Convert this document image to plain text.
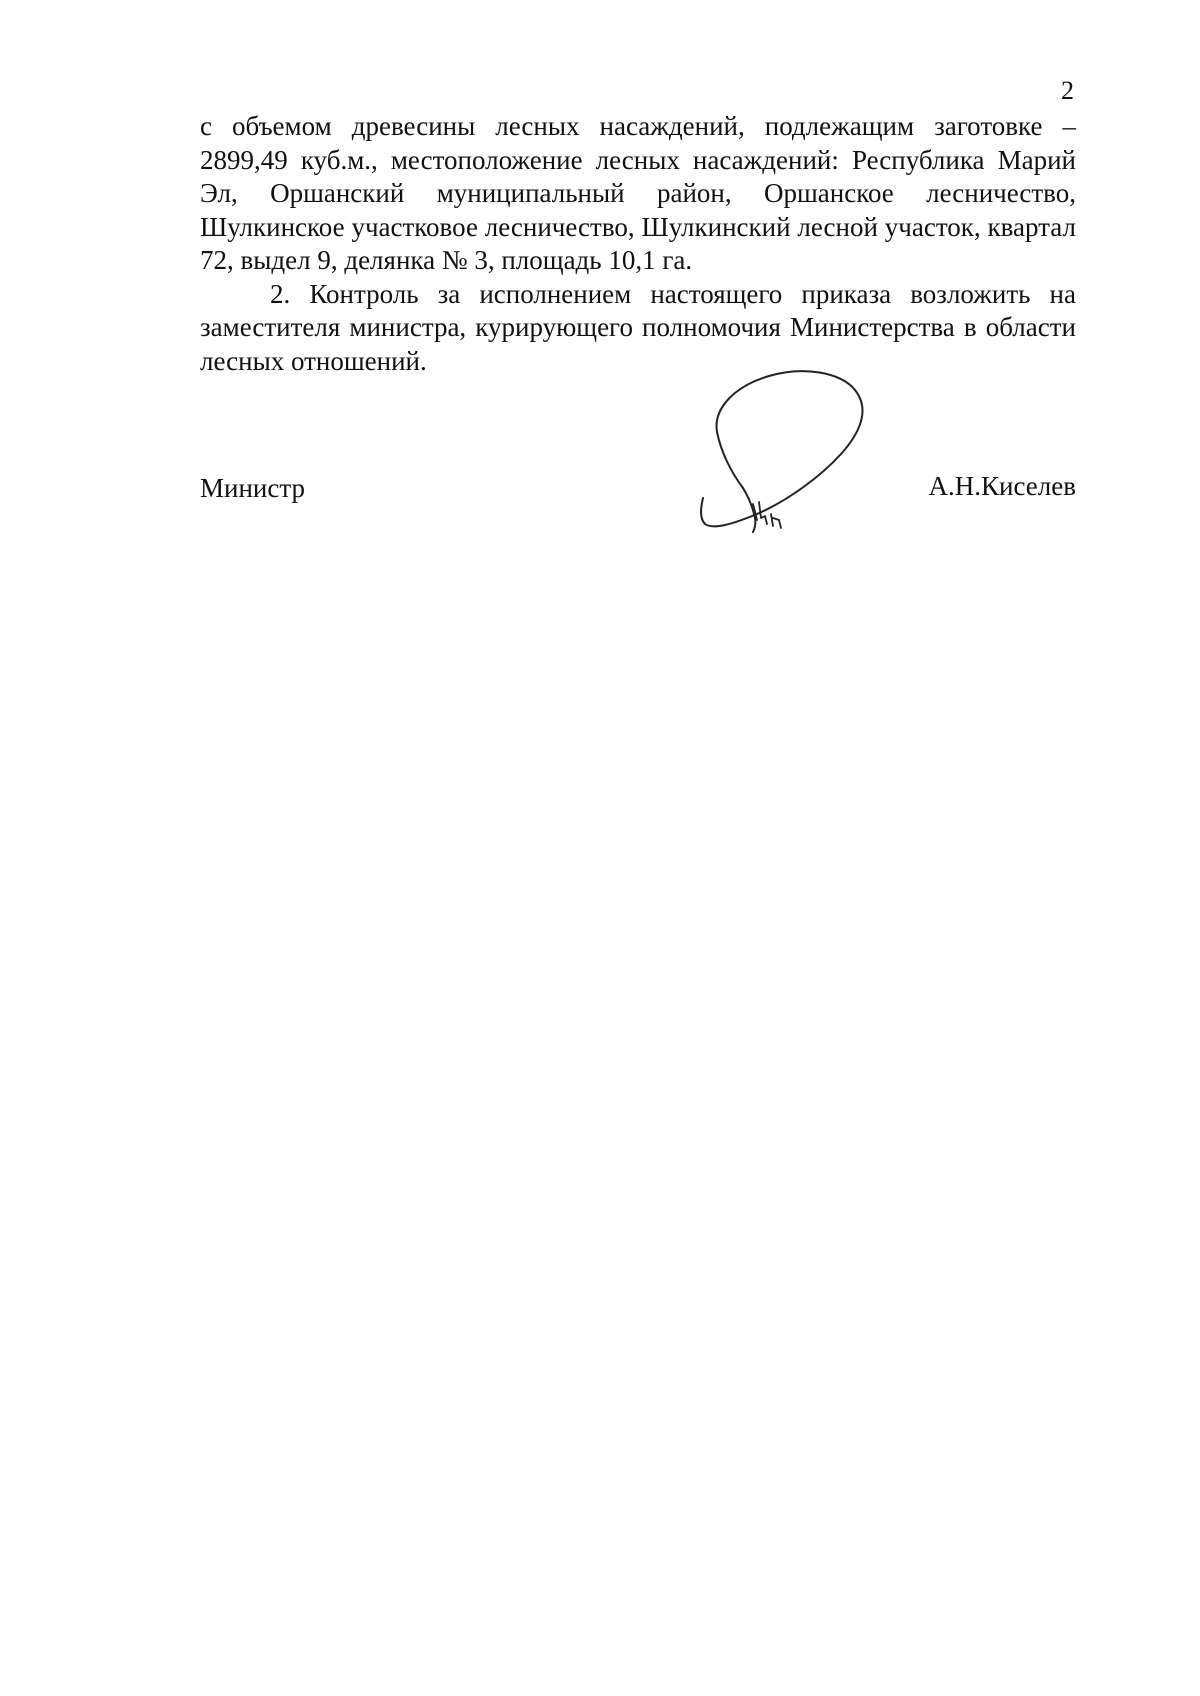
2

с объемом древесины лесных насаждений, подлежащим заготовке – 2899,49 куб.м., местоположение лесных насаждений: Республика Марий Эл, Оршанский муниципальный район, Оршанское лесничество, Шулкинское участковое лесничество, Шулкинский лесной участок, квартал 72, выдел 9, делянка № 3, площадь 10,1 га.

2. Контроль за исполнением настоящего приказа возложить на заместителя министра, курирующего полномочия Министерства в области лесных отношений.

Министр	А.Н.Киселев
